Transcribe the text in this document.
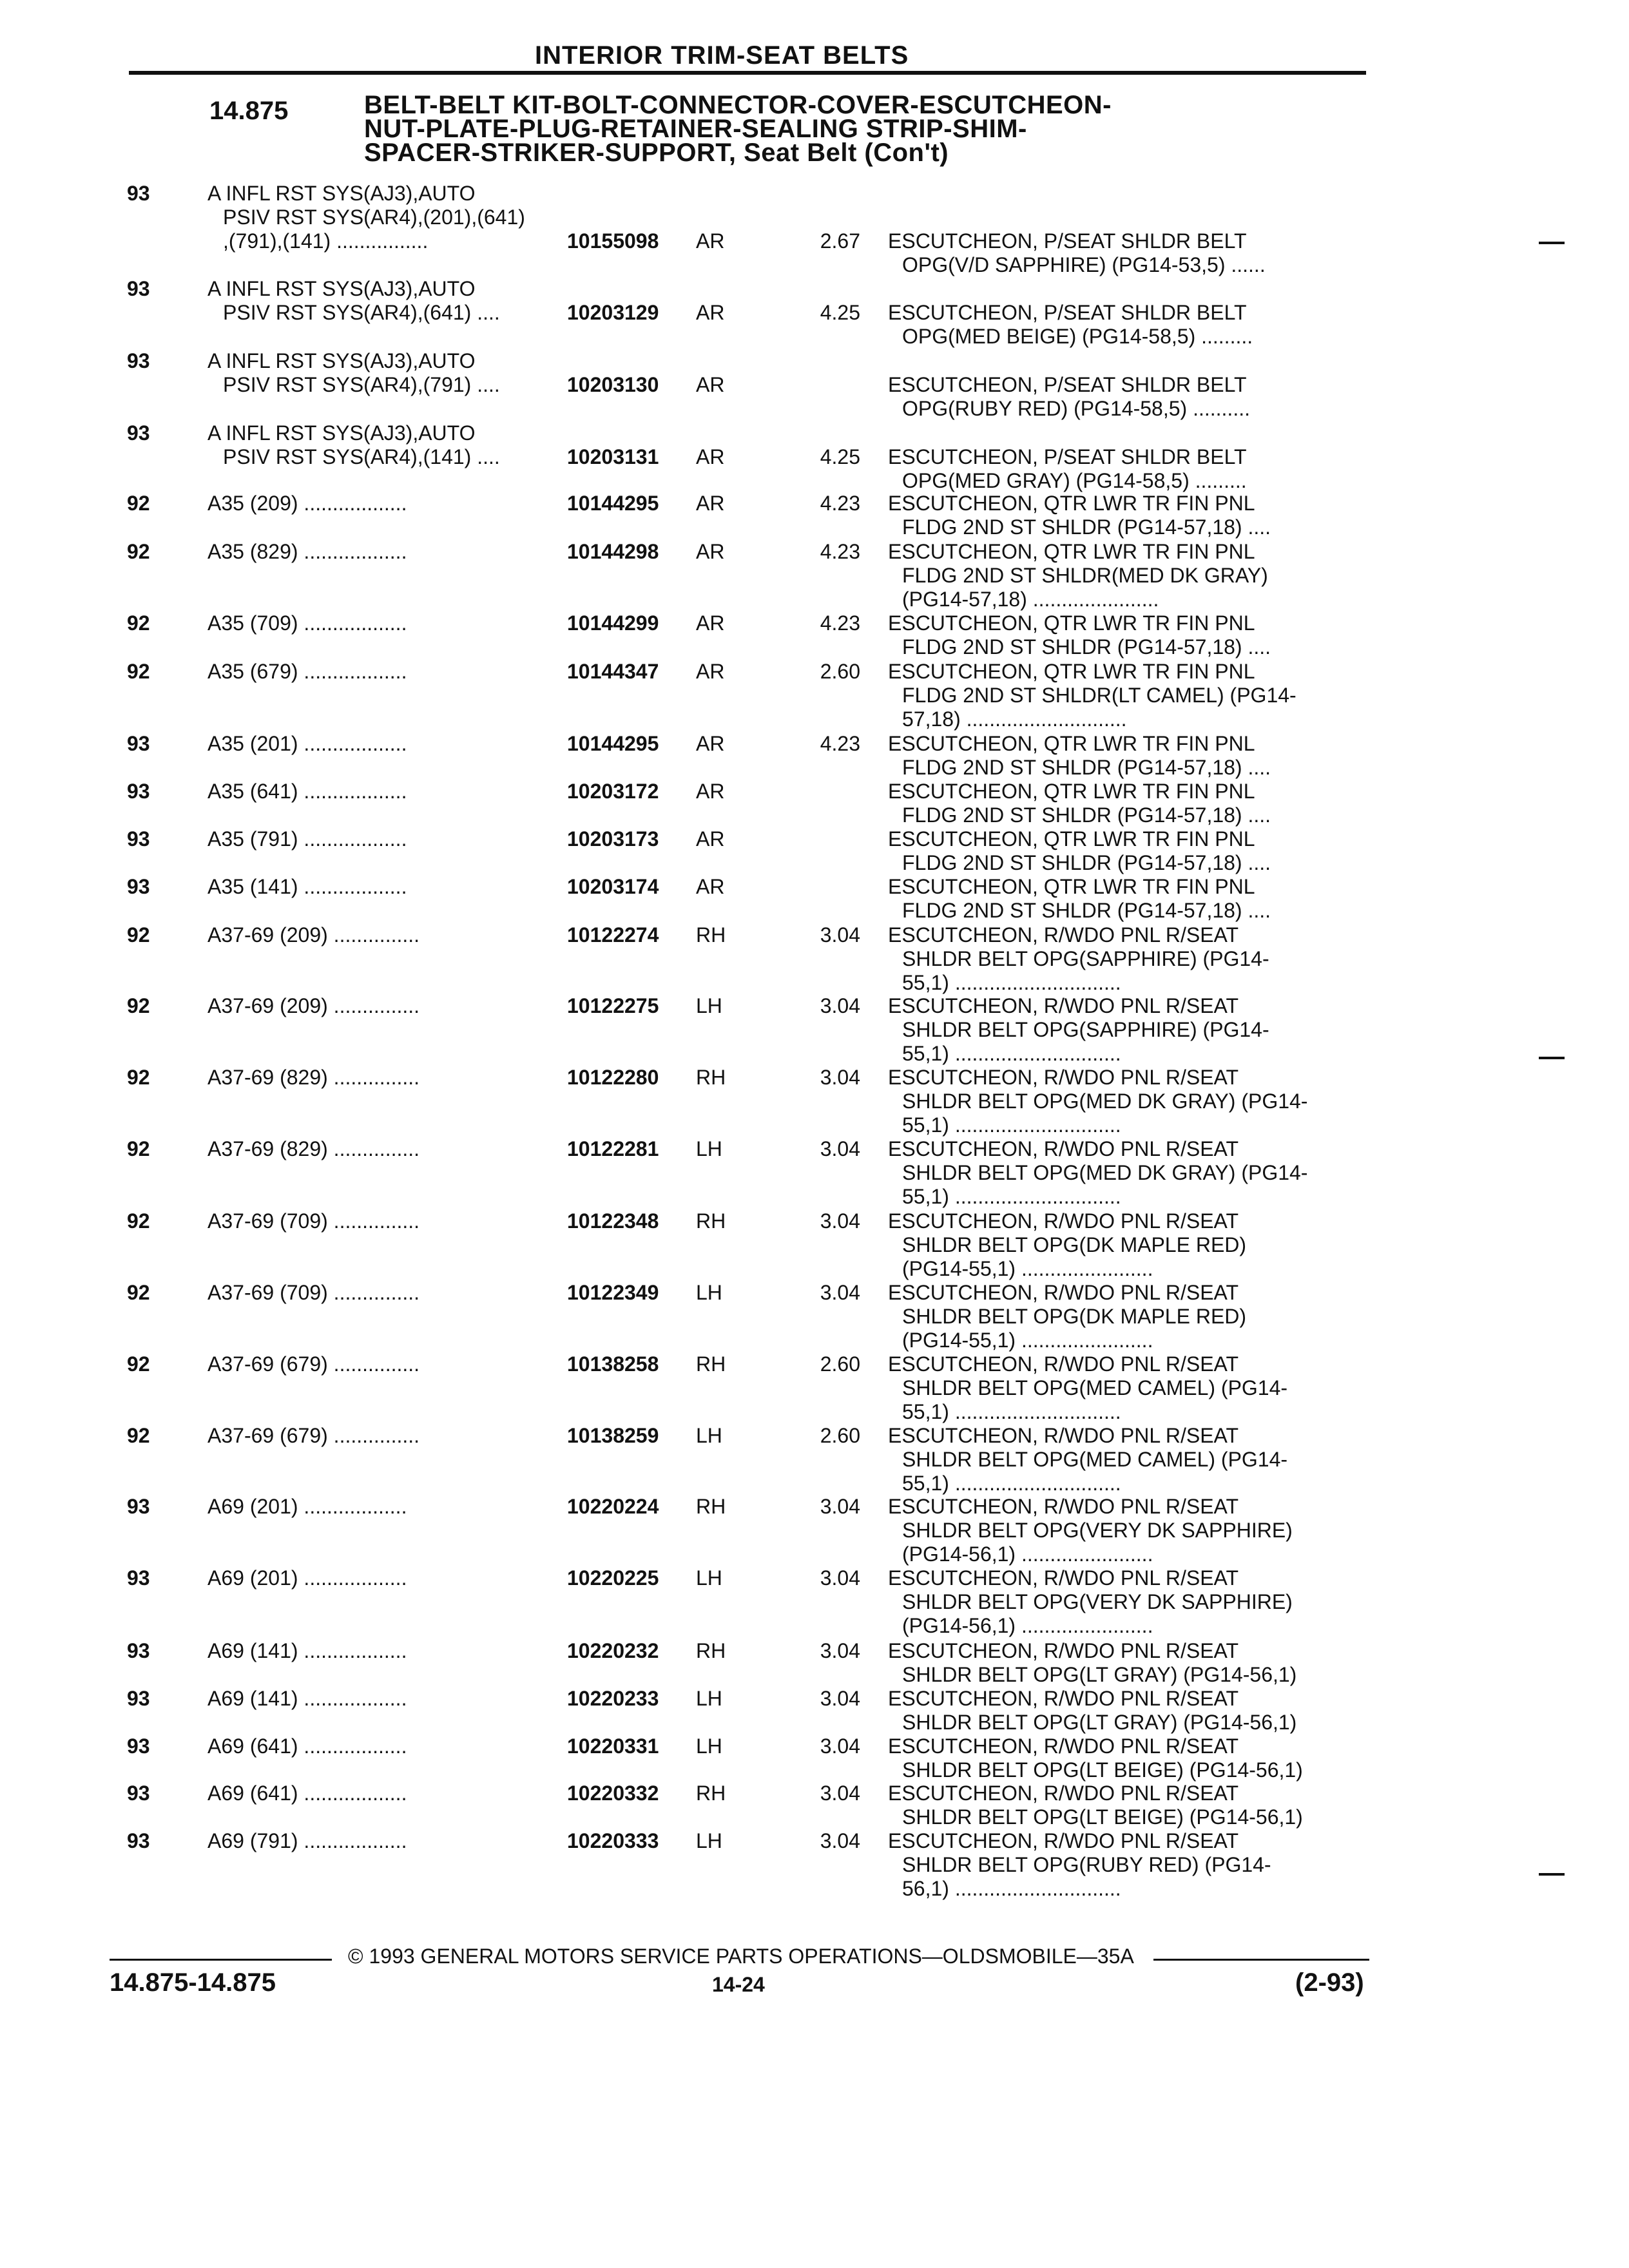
INTERIOR TRIM-SEAT BELTS
14.875	BELT-BELT KIT-BOLT-CONNECTOR-COVER-ESCUTCHEON-
NUT-PLATE-PLUG-RETAINER-SEALING STRIP-SHIM-
SPACER-STRIKER-SUPPORT, Seat Belt (Con't)
93	A INFL RST SYS(AJ3),AUTO
PSIV RST SYS(AR4),(201),(641)
,(791),(141) ................	10155098 AR	2.67 ESCUTCHEON, P/SEAT SHLDR BELT
OPG(V/D SAPPHIRE) (PG14-53,5) ......
93	A INFL RST SYS(AJ3),AUTO
PSIV RST SYS(AR4),(641) ....	10203129 AR	4.25 ESCUTCHEON, P/SEAT SHLDR BELT
OPG(MED BEIGE) (PG14-58,5) .........
93	A INFL RST SYS(AJ3),AUTO
PSIV RST SYS(AR4),(791) ....	10203130 AR	ESCUTCHEON, P/SEAT SHLDR BELT
OPG(RUBY RED) (PG14-58,5) ..........
93	A INFL RST SYS(AJ3),AUTO
PSIV RST SYS(AR4),(141) ....	10203131 AR	4.25 ESCUTCHEON, P/SEAT SHLDR BELT
OPG(MED GRAY) (PG14-58,5) .........
92	A35 (209) ..................	10144295 AR	4.23 ESCUTCHEON, QTR LWR TR FIN PNL
FLDG 2ND ST SHLDR (PG14-57,18) ....
92	A35 (829) ..................	10144298 AR	4.23 ESCUTCHEON, QTR LWR TR FIN PNL
FLDG 2ND ST SHLDR(MED DK GRAY)
(PG14-57,18) ......................
92	A35 (709) ..................	10144299 AR	4.23 ESCUTCHEON, QTR LWR TR FIN PNL
FLDG 2ND ST SHLDR (PG14-57,18) ....
92	A35 (679) ..................	10144347 AR	2.60 ESCUTCHEON, QTR LWR TR FIN PNL
FLDG 2ND ST SHLDR(LT CAMEL) (PG14-
57,18) ............................
93	A35 (201) ..................	10144295 AR	4.23 ESCUTCHEON, QTR LWR TR FIN PNL
FLDG 2ND ST SHLDR (PG14-57,18) ....
93	A35 (641) ..................	10203172 AR	ESCUTCHEON, QTR LWR TR FIN PNL
FLDG 2ND ST SHLDR (PG14-57,18) ....
93	A35 (791) ..................	10203173 AR	ESCUTCHEON, QTR LWR TR FIN PNL
FLDG 2ND ST SHLDR (PG14-57,18) ....
93	A35 (141) ..................	10203174 AR	ESCUTCHEON, QTR LWR TR FIN PNL
FLDG 2ND ST SHLDR (PG14-57,18) ....
92	A37-69 (209) ...............	10122274 RH	3.04 ESCUTCHEON, R/WDO PNL R/SEAT
SHLDR BELT OPG(SAPPHIRE) (PG14-
55,1) .............................
92	A37-69 (209) ...............	10122275 LH	3.04 ESCUTCHEON, R/WDO PNL R/SEAT
SHLDR BELT OPG(SAPPHIRE) (PG14-
55,1) .............................
92	A37-69 (829) ...............	10122280 RH	3.04 ESCUTCHEON, R/WDO PNL R/SEAT
SHLDR BELT OPG(MED DK GRAY) (PG14-
55,1) .............................
92	A37-69 (829) ...............	10122281 LH	3.04 ESCUTCHEON, R/WDO PNL R/SEAT
SHLDR BELT OPG(MED DK GRAY) (PG14-
55,1) .............................
92	A37-69 (709) ...............	10122348 RH	3.04 ESCUTCHEON, R/WDO PNL R/SEAT
SHLDR BELT OPG(DK MAPLE RED)
(PG14-55,1) .......................
92	A37-69 (709) ...............	10122349 LH	3.04 ESCUTCHEON, R/WDO PNL R/SEAT
SHLDR BELT OPG(DK MAPLE RED)
(PG14-55,1) .......................
92	A37-69 (679) ...............	10138258 RH	2.60 ESCUTCHEON, R/WDO PNL R/SEAT
SHLDR BELT OPG(MED CAMEL) (PG14-
55,1) .............................
92	A37-69 (679) ...............	10138259 LH	2.60 ESCUTCHEON, R/WDO PNL R/SEAT
SHLDR BELT OPG(MED CAMEL) (PG14-
55,1) .............................
93	A69 (201) ..................	10220224 RH	3.04 ESCUTCHEON, R/WDO PNL R/SEAT
SHLDR BELT OPG(VERY DK SAPPHIRE)
(PG14-56,1) .......................
93	A69 (201) ..................	10220225 LH	3.04 ESCUTCHEON, R/WDO PNL R/SEAT
SHLDR BELT OPG(VERY DK SAPPHIRE)
(PG14-56,1) .......................
93	A69 (141) ..................	10220232 RH	3.04 ESCUTCHEON, R/WDO PNL R/SEAT
SHLDR BELT OPG(LT GRAY) (PG14-56,1)
93	A69 (141) ..................	10220233 LH	3.04 ESCUTCHEON, R/WDO PNL R/SEAT
SHLDR BELT OPG(LT GRAY) (PG14-56,1)
93	A69 (641) ..................	10220331 LH	3.04 ESCUTCHEON, R/WDO PNL R/SEAT
SHLDR BELT OPG(LT BEIGE) (PG14-56,1)
93	A69 (641) ..................	10220332 RH	3.04 ESCUTCHEON, R/WDO PNL R/SEAT
SHLDR BELT OPG(LT BEIGE) (PG14-56,1)
93	A69 (791) ..................	10220333 LH	3.04 ESCUTCHEON, R/WDO PNL R/SEAT
SHLDR BELT OPG(RUBY RED) (PG14-
56,1) .............................
© 1993 GENERAL MOTORS SERVICE PARTS OPERATIONS—OLDSMOBILE—35A
14.875-14.875	14-24	(2-93)
